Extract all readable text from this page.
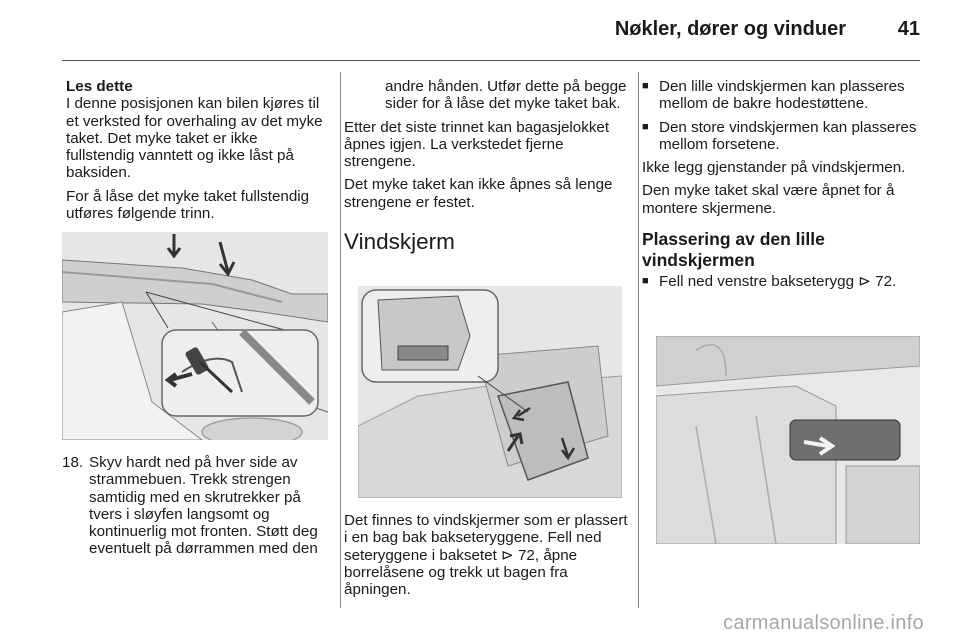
Nøkler, dører og vinduer	41
Les dette

I denne posisjonen kan bilen kjøres til et verksted for overhaling av det myke taket. Det myke taket er ikke fullstendig vanntett og ikke låst på baksiden.

For å låse det myke taket fullstendig utføres følgende trinn.

18. Skyv hardt ned på hver side av strammebuen. Trekk strengen samtidig med en skrutrekker på tvers i sløyfen langsomt og kontinuerlig mot fronten. Støtt deg eventuelt på dørrammen med den

andre hånden. Utfør dette på begge sider for å låse det myke taket bak.

Etter det siste trinnet kan bagasjelokket åpnes igjen. La verkstedet fjerne strengene.

Det myke taket kan ikke åpnes så lenge strengene er festet.

Vindskjerm

Det finnes to vindskjermer som er plassert i en bag bak bakseteryggene. Fell ned seteryggene i baksetet ⊳ 72, åpne borrelåsene og trekk ut bagen fra åpningen.

■ Den lille vindskjermen kan plasseres mellom de bakre hodestøttene.
■ Den store vindskjermen kan plasseres mellom forsetene.

Ikke legg gjenstander på vindskjermen.

Den myke taket skal være åpnet for å montere skjermene.

Plassering av den lille vindskjermen
■ Fell ned venstre bakseterygg ⊳ 72.
carmanualsonline.info
